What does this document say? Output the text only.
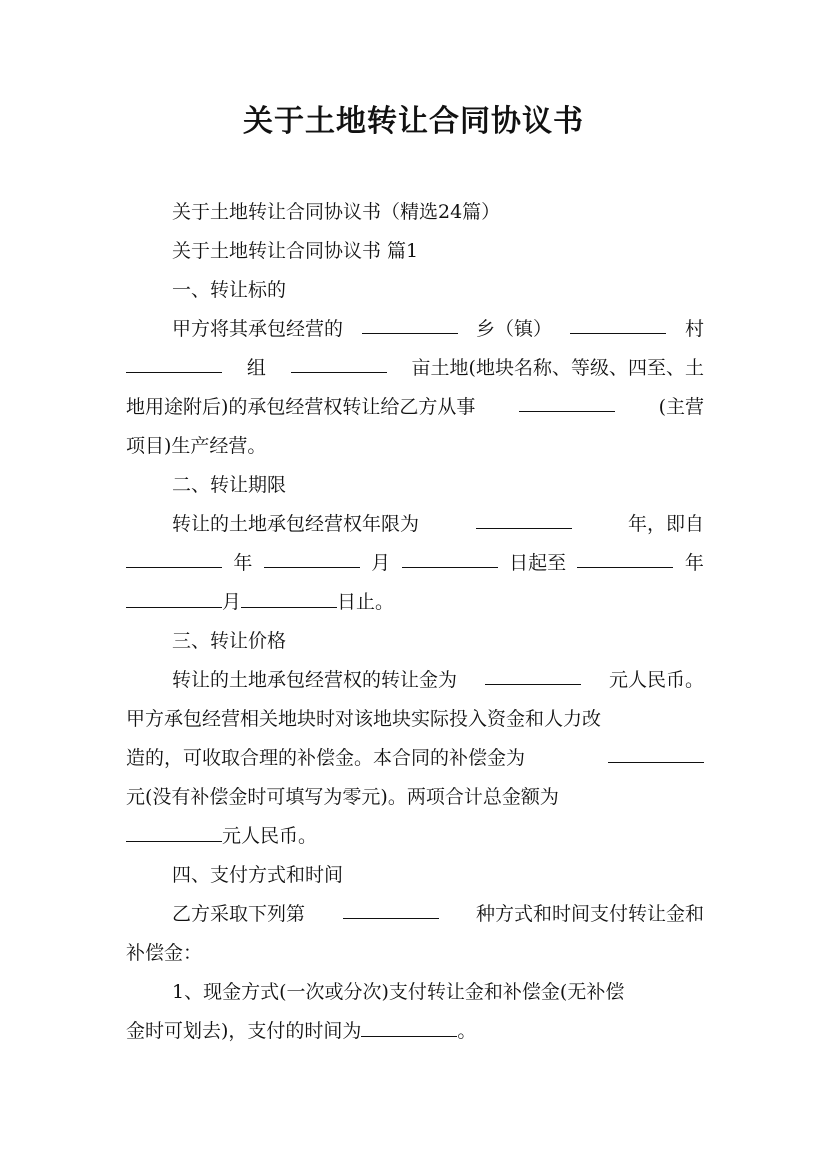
关于土地转让合同协议书
关于土地转让合同协议书（精选24篇）
关于土地转让合同协议书 篇1
一、转让标的
甲方将其承包经营的	乡（镇）	村
组	亩土地(地块名称、等级、四至、土
地用途附后)的承包经营权转让给乙方从事	(主营
项目)生产经营。
二、转让期限
转让的土地承包经营权年限为	年，即自
年	月	日起至	年
月	日止。
三、转让价格
转让的土地承包经营权的转让金为	元人民币。
甲方承包经营相关地块时对该地块实际投入资金和人力改
造的，可收取合理的补偿金。本合同的补偿金为
元(没有补偿金时可填写为零元)。两项合计总金额为
元人民币。
四、支付方式和时间
乙方采取下列第	种方式和时间支付转让金和
补偿金：
1、现金方式(一次或分次)支付转让金和补偿金(无补偿
金时可划去)，支付的时间为	。
